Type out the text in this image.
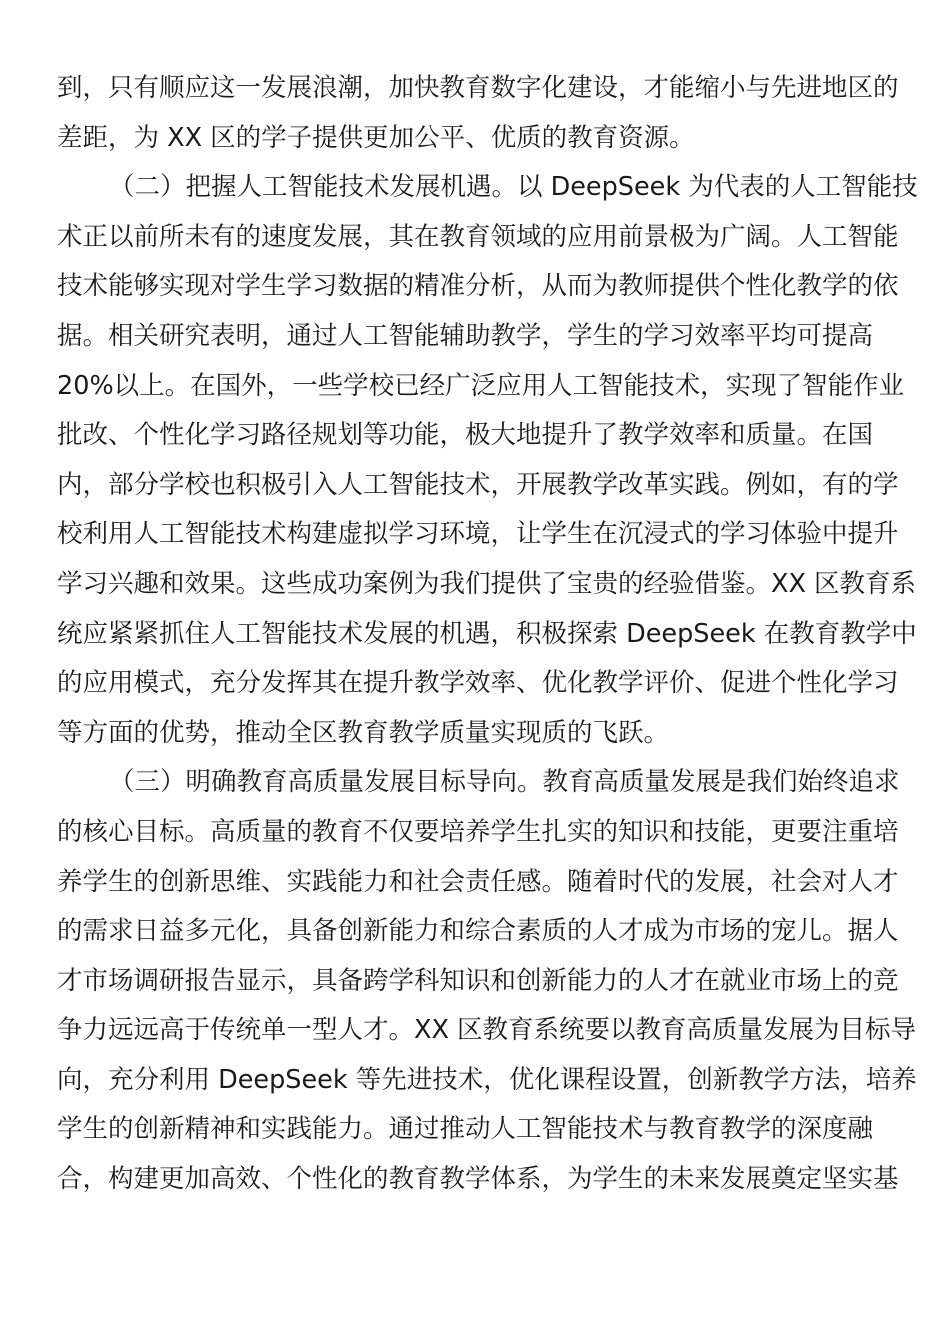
到，只有顺应这一发展浪潮，加快教育数字化建设，才能缩小与先进地区的
差距，为 XX 区的学子提供更加公平、优质的教育资源。
（二）把握人工智能技术发展机遇。以 DeepSeek 为代表的人工智能技
术正以前所未有的速度发展，其在教育领域的应用前景极为广阔。人工智能
技术能够实现对学生学习数据的精准分析，从而为教师提供个性化教学的依
据。相关研究表明，通过人工智能辅助教学，学生的学习效率平均可提高
20%以上。在国外，一些学校已经广泛应用人工智能技术，实现了智能作业
批改、个性化学习路径规划等功能，极大地提升了教学效率和质量。在国
内，部分学校也积极引入人工智能技术，开展教学改革实践。例如，有的学
校利用人工智能技术构建虚拟学习环境，让学生在沉浸式的学习体验中提升
学习兴趣和效果。这些成功案例为我们提供了宝贵的经验借鉴。XX 区教育系
统应紧紧抓住人工智能技术发展的机遇，积极探索 DeepSeek 在教育教学中
的应用模式，充分发挥其在提升教学效率、优化教学评价、促进个性化学习
等方面的优势，推动全区教育教学质量实现质的飞跃。
（三）明确教育高质量发展目标导向。教育高质量发展是我们始终追求
的核心目标。高质量的教育不仅要培养学生扎实的知识和技能，更要注重培
养学生的创新思维、实践能力和社会责任感。随着时代的发展，社会对人才
的需求日益多元化，具备创新能力和综合素质的人才成为市场的宠儿。据人
才市场调研报告显示，具备跨学科知识和创新能力的人才在就业市场上的竞
争力远远高于传统单一型人才。XX 区教育系统要以教育高质量发展为目标导
向，充分利用 DeepSeek 等先进技术，优化课程设置，创新教学方法，培养
学生的创新精神和实践能力。通过推动人工智能技术与教育教学的深度融
合，构建更加高效、个性化的教育教学体系，为学生的未来发展奠定坚实基
